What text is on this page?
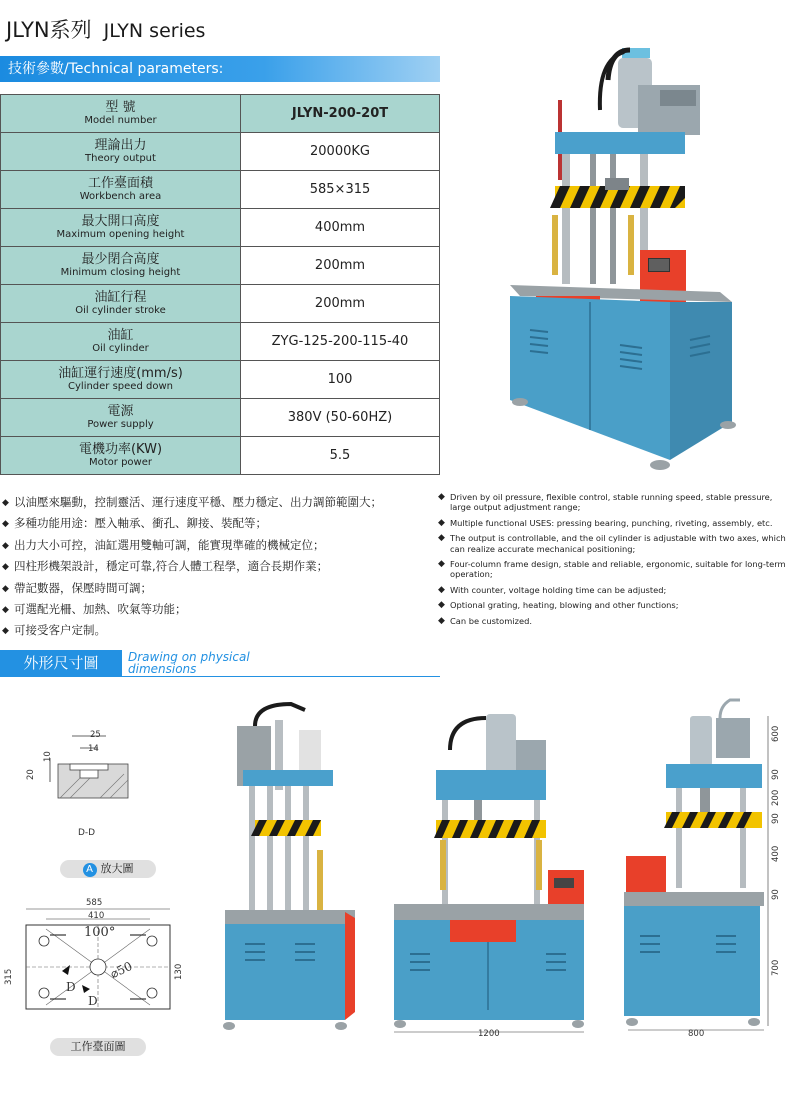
JLYN系列 JLYN series
技術參數/Technical parameters:
型 號
Model number	JLYN-200-20T

理論出力
Theory output	20000KG

工作臺面積
Workbench area	585×315

最大開口高度
Maximum opening height	400mm

最少閉合高度
Minimum closing height	200mm

油缸行程
Oil cylinder stroke	200mm

油缸
Oil cylinder	ZYG-125-200-115-40

油缸運行速度(mm/s)
Cylinder speed down	100

電源
Power supply	380V (50-60HZ)

電機功率(KW)
Motor power	5.5
◆ 以油壓來驅動，控制靈活、運行速度平穩、壓力穩定、出力調節範圍大；
◆ 多種功能用途：壓入軸承、衝孔、鉚接、裝配等；
◆ 出力大小可控，油缸選用雙軸可調，能實現準確的機械定位；
◆ 四柱形機架設計，穩定可靠,符合人體工程學，適合長期作業；
◆ 帶記數器，保壓時間可調；
◆ 可選配光柵、加熱、吹氣等功能；
◆ 可接受客户定制。
◆ Driven by oil pressure, flexible control, stable running speed, stable pressure, large output adjustment range;
◆ Multiple functional USES: pressing bearing, punching, riveting, assembly, etc.
◆ The output is controllable, and the oil cylinder is adjustable with two axes, which can realize accurate mechanical positioning;
◆ Four-column frame design, stable and reliable, ergonomic, suitable for long-term operation;
◆ With counter, voltage holding time can be adjusted;
◆ Optional grating, heating, blowing and other functions;
◆ Can be customized.
外形尺寸圖	Drawing on physical
dimensions
25
10
14
20
D-D
A 放大圖
585
410
315	130
100°
⌀50
D
D
工作臺面圖
1200
600
90
200
90
400
90
700
800
